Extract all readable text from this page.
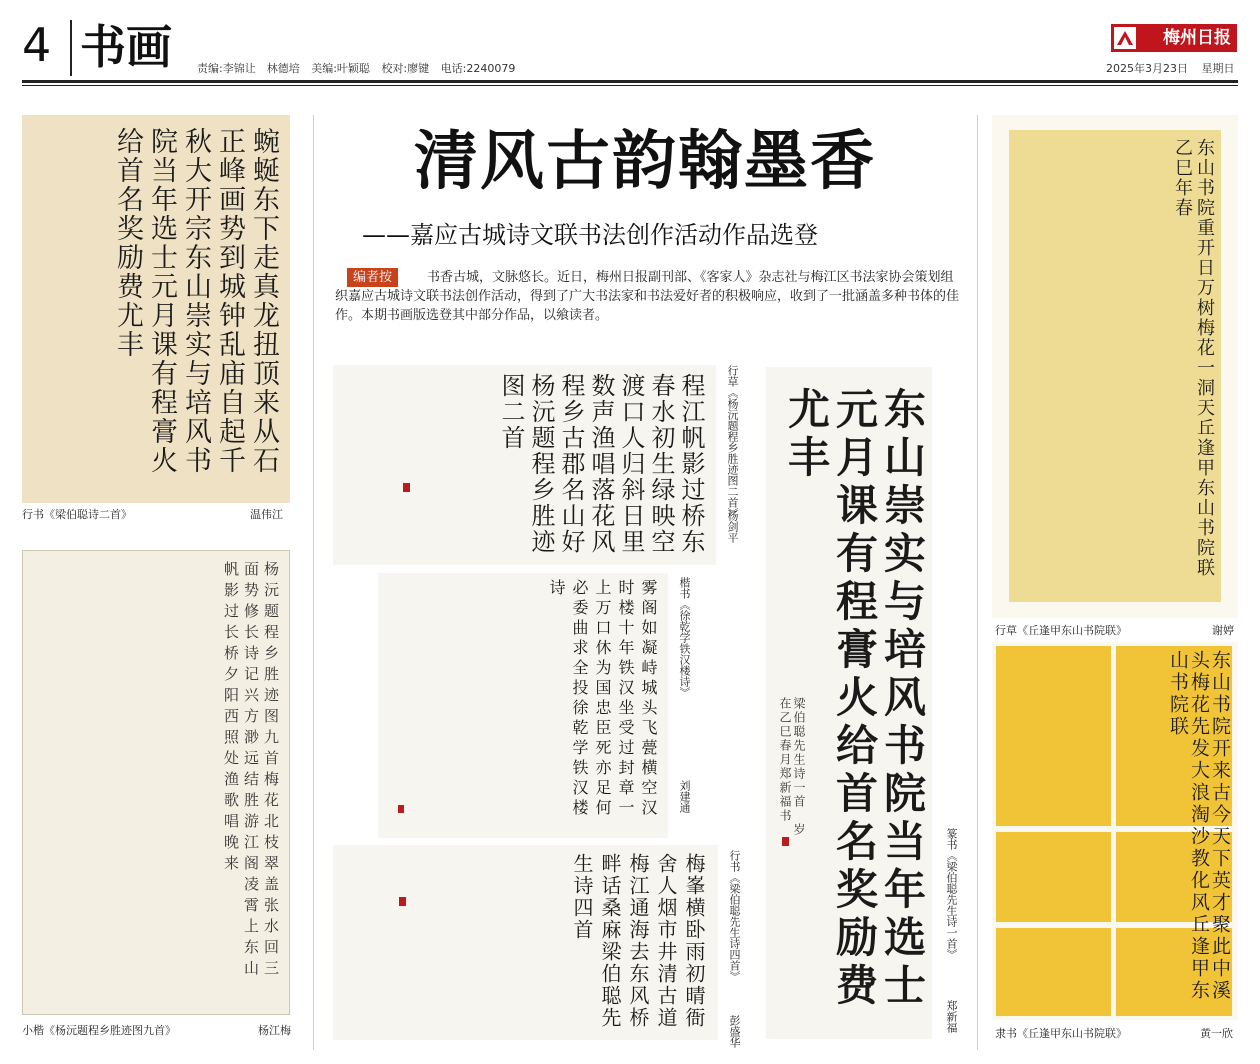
4 书画 责编:李锦让　林德培 美编:叶颖聪 校对:廖键 电话:2240079
梅州日报
2025年3月23日 星期日
蜿蜒东下走真龙扭顶来从石正峰画势到城钟乱庙自起千秋大开宗东山崇实与培风书院当年选士元月课有程膏火给首名奖励费尤丰
行书《梁伯聪诗二首》	温伟江
杨沅题程乡胜迹图九首梅花北枝翠盖张水回三面势修长诗记兴方渺远结胜游江阁凌霄上东山帆影过长桥夕阳西照处渔歌唱晚来
小楷《杨沅题程乡胜迹图九首》	杨江梅
清风古韵翰墨香
——嘉应古城诗文联书法创作活动作品选登
书香古城，文脉悠长。近日，梅州日报副刊部、《客家人》杂志社与梅江区书法家协会策划组织嘉应古城诗文联书法创作活动，得到了广大书法家和书法爱好者的积极响应，收到了一批涵盖多种书体的佳作。本期书画版选登其中部分作品，以飨读者。
编者按
程江帆影过桥东春水初生绿映空渡口人归斜日里数声渔唱落花风程乡古郡名山好杨沅题程乡胜迹图二首	行草《杨沅题程乡胜迹图二首》
杨剑平
雾阁如凝峙城头飞甍横空汉时楼十年铁汉坐受过封章一上万口休为国忠臣死亦足何必委曲求全投徐乾学铁汉楼诗	楷书《徐乾学铁汉楼诗》
刘建通
梅峯横卧雨初晴衙舍人烟市井清古道梅江通海去东风桥畔话桑麻梁伯聪先生诗四首	行书《梁伯聪先生诗四首》
彭盛华
东山崇实与培风书院当年选士元月课有程膏火给首名奖励费尤丰
梁伯聪先生诗一首　岁在乙巳春月郑新福书
篆书《梁伯聪先生诗一首》
郑新福
东山书院重开日万树梅花一洞天丘逢甲东山书院联乙巳年春
行草《丘逢甲东山书院联》	谢婷
东山书院开来古今天下英才聚此中溪头梅花先发大浪淘沙教化风丘逢甲东山书院联
隶书《丘逢甲东山书院联》	黄一欣
